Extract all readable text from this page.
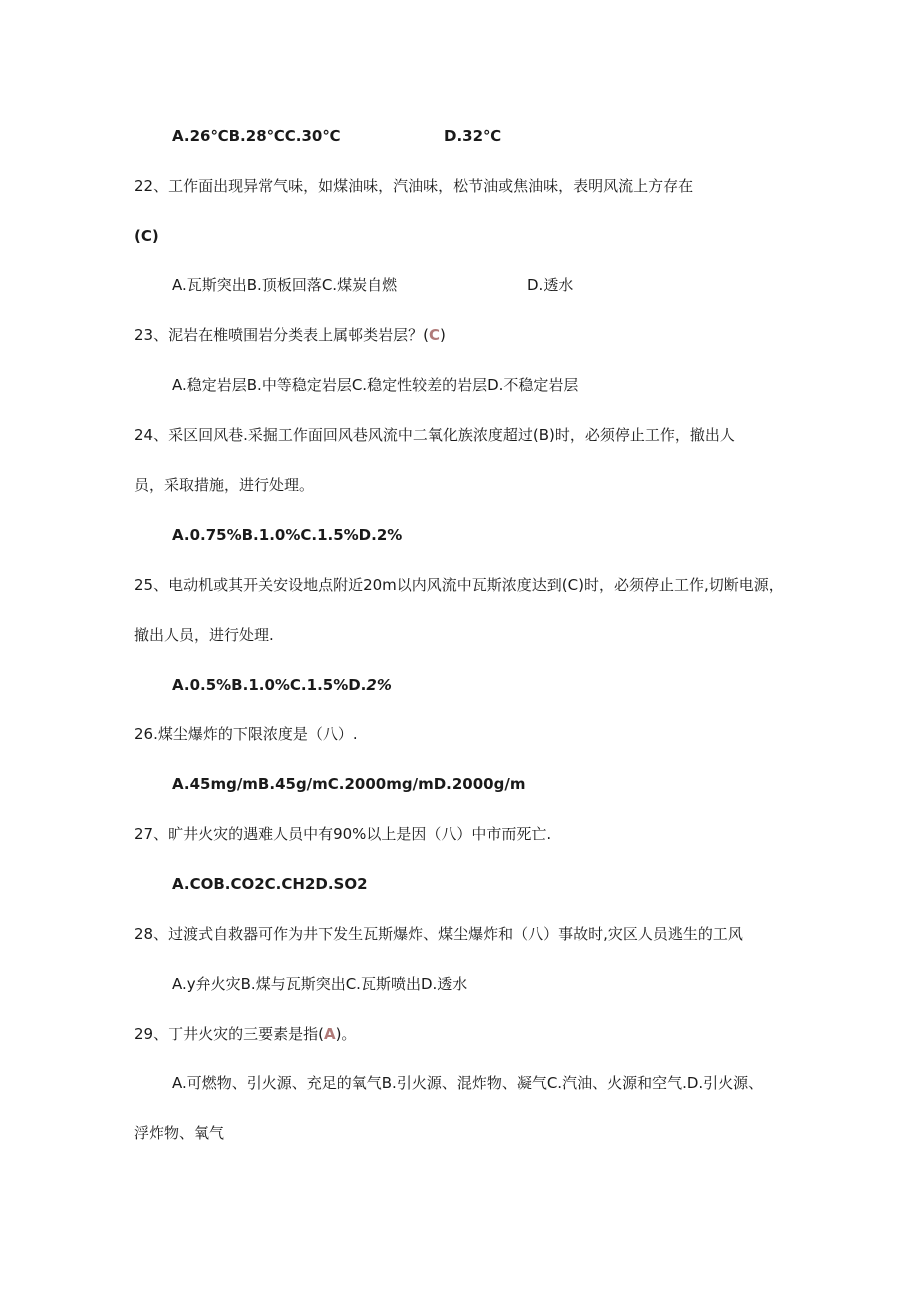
A.26℃B.28℃C.30℃	D.32℃
22、工作面出现异常气味，如煤油味，汽油味，松节油或焦油味，表明风流上方存在
(C)
A.瓦斯突出B.顶板回落C.煤炭自燃	D.透水
23、泥岩在椎喷围岩分类表上属邨类岩层？(C)
A.稳定岩层B.中等稳定岩层C.稳定性较差的岩层D.不稳定岩层
24、采区回风巷.采掘工作面回风巷风流中二氧化族浓度超过(B)时，必须停止工作，撤出人
员，采取措施，进行处理。
A.0.75%B.1.0%C.1.5%D.2%
25、电动机或其开关安设地点附近20m以内风流中瓦斯浓度达到(C)时，必须停止工作,切断电源，
撤出人员，进行处理.
A.0.5%B.1.0%C.1.5%D.2%
26.煤尘爆炸的下限浓度是（八）.
A.45mg/mB.45g/mC.2000mg/mD.2000g/m
27、旷井火灾的遇难人员中有90%以上是因（八）中市而死亡.
A.COB.CO2C.CH2D.SO2
28、过渡式自救器可作为井下发生瓦斯爆炸、煤尘爆炸和（八）事故时,灾区人员逃生的工风
A.y弁火灾B.煤与瓦斯突出C.瓦斯喷出D.透水
29、丁井火灾的三要素是指(A)。
A.可燃物、引火源、充足的氧气B.引火源、混炸物、凝气C.汽油、火源和空气.D.引火源、
浮炸物、氧气
